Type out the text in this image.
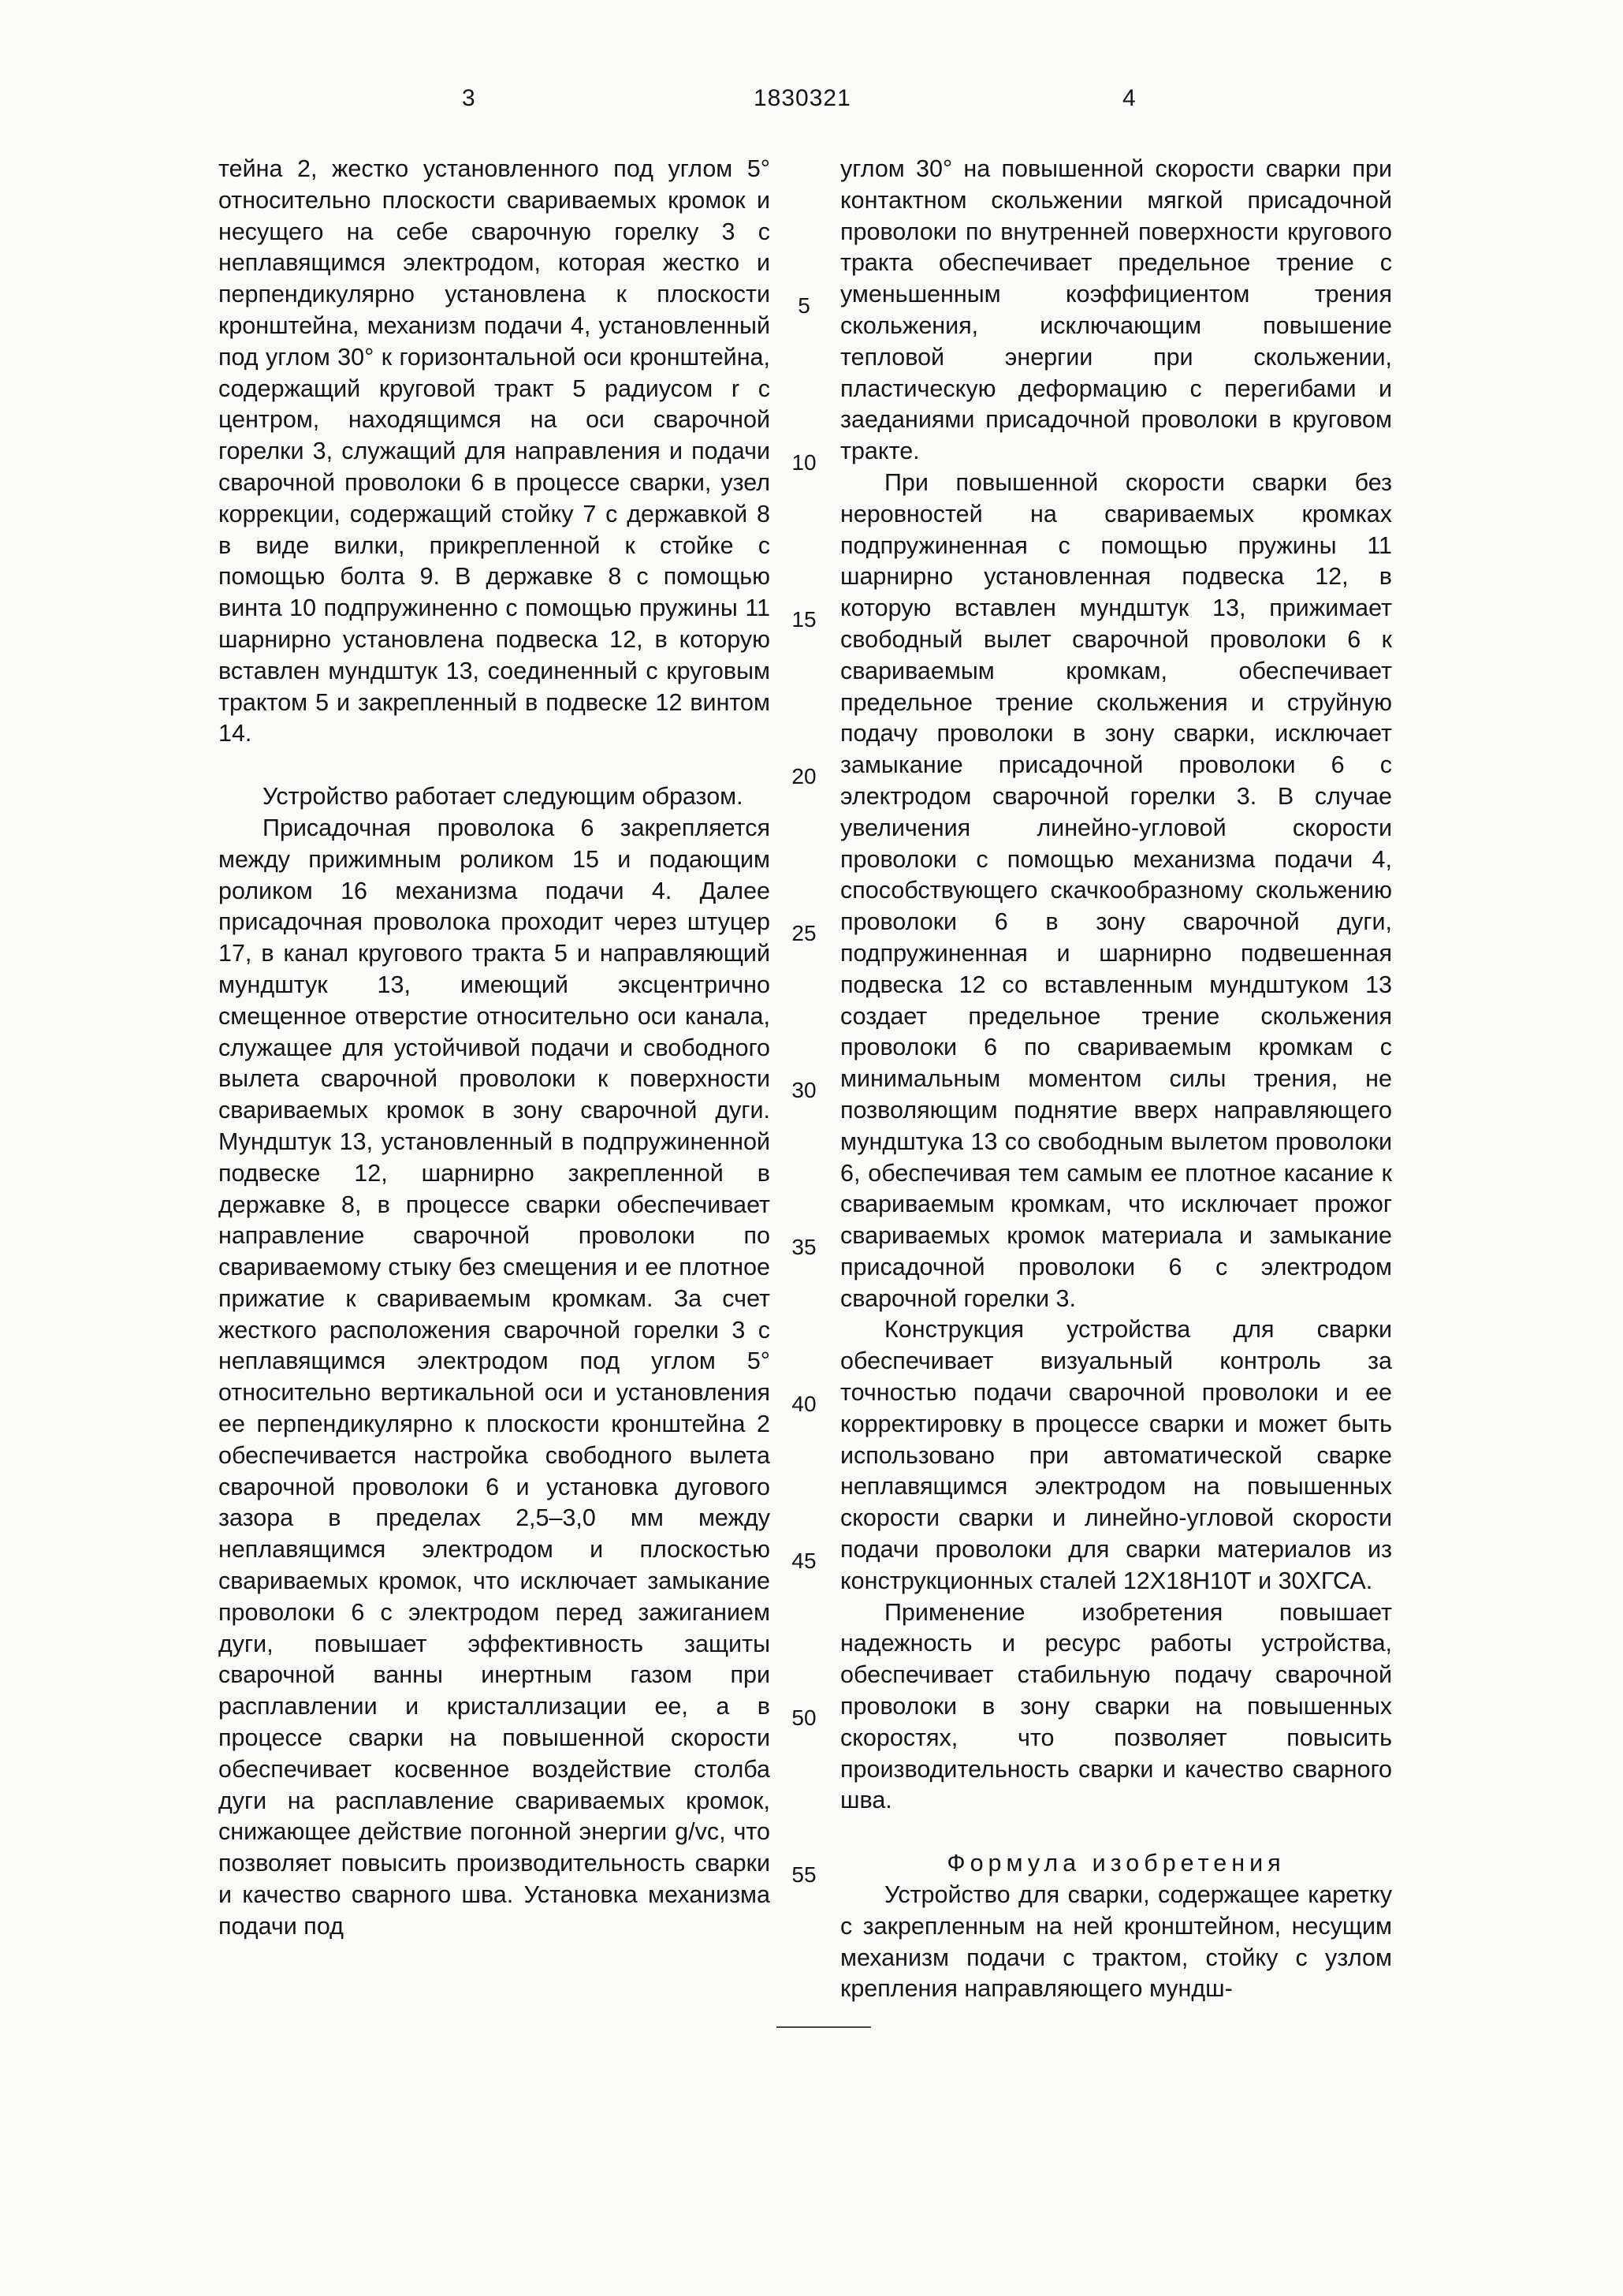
3	1830321	4

тейна 2, жестко установленного под углом 5° относительно плоскости свариваемых кромок и несущего на себе сварочную горелку 3 с неплавящимся электродом, которая жестко и перпендикулярно установлена к плоскости кронштейна, механизм подачи 4, установленный под углом 30° к горизонтальной оси кронштейна, содержащий круговой тракт 5 радиусом r с центром, находящимся на оси сварочной горелки 3, служащий для направления и подачи сварочной проволоки 6 в процессе сварки, узел коррекции, содержащий стойку 7 с державкой 8 в виде вилки, прикрепленной к стойке с помощью болта 9. В державке 8 с помощью винта 10 подпружиненно с помощью пружины 11 шарнирно установлена подвеска 12, в которую вставлен мундштук 13, соединенный с круговым трактом 5 и закрепленный в подвеске 12 винтом 14.

Устройство работает следующим образом.

Присадочная проволока 6 закрепляется между прижимным роликом 15 и подающим роликом 16 механизма подачи 4. Далее присадочная проволока проходит через штуцер 17, в канал кругового тракта 5 и направляющий мундштук 13, имеющий эксцентрично смещенное отверстие относительно оси канала, служащее для устойчивой подачи и свободного вылета сварочной проволоки к поверхности свариваемых кромок в зону сварочной дуги. Мундштук 13, установленный в подпружиненной подвеске 12, шарнирно закрепленной в державке 8, в процессе сварки обеспечивает направление сварочной проволоки по свариваемому стыку без смещения и ее плотное прижатие к свариваемым кромкам. За счет жесткого расположения сварочной горелки 3 с неплавящимся электродом под углом 5° относительно вертикальной оси и установления ее перпендикулярно к плоскости кронштейна 2 обеспечивается настройка свободного вылета сварочной проволоки 6 и установка дугового зазора в пределах 2,5–3,0 мм между неплавящимся электродом и плоскостью свариваемых кромок, что исключает замыкание проволоки 6 с электродом перед зажиганием дуги, повышает эффективность защиты сварочной ванны инертным газом при расплавлении и кристаллизации ее, а в процессе сварки на повышенной скорости обеспечивает косвенное воздействие столба дуги на расплавление свариваемых кромок, снижающее действие погонной энергии g/vc, что позволяет повысить производительность сварки и качество сварного шва. Установка механизма подачи под

5
10
15
20
25
30
35
40
45
50
55

углом 30° на повышенной скорости сварки при контактном скольжении мягкой присадочной проволоки по внутренней поверхности кругового тракта обеспечивает предельное трение с уменьшенным коэффициентом трения скольжения, исключающим повышение тепловой энергии при скольжении, пластическую деформацию с перегибами и заеданиями присадочной проволоки в круговом тракте.

При повышенной скорости сварки без неровностей на свариваемых кромках подпружиненная с помощью пружины 11 шарнирно установленная подвеска 12, в которую вставлен мундштук 13, прижимает свободный вылет сварочной проволоки 6 к свариваемым кромкам, обеспечивает предельное трение скольжения и струйную подачу проволоки в зону сварки, исключает замыкание присадочной проволоки 6 с электродом сварочной горелки 3. В случае увеличения линейно-угловой скорости проволоки с помощью механизма подачи 4, способствующего скачкообразному скольжению проволоки 6 в зону сварочной дуги, подпружиненная и шарнирно подвешенная подвеска 12 со вставленным мундштуком 13 создает предельное трение скольжения проволоки 6 по свариваемым кромкам с минимальным моментом силы трения, не позволяющим поднятие вверх направляющего мундштука 13 со свободным вылетом проволоки 6, обеспечивая тем самым ее плотное касание к свариваемым кромкам, что исключает прожог свариваемых кромок материала и замыкание присадочной проволоки 6 с электродом сварочной горелки 3.

Конструкция устройства для сварки обеспечивает визуальный контроль за точностью подачи сварочной проволоки и ее корректировку в процессе сварки и может быть использовано при автоматической сварке неплавящимся электродом на повышенных скорости сварки и линейно-угловой скорости подачи проволоки для сварки материалов из конструкционных сталей 12Х18Н10Т и 30ХГСА.

Применение изобретения повышает надежность и ресурс работы устройства, обеспечивает стабильную подачу сварочной проволоки в зону сварки на повышенных скоростях, что позволяет повысить производительность сварки и качество сварного шва.

Формула изобретения

Устройство для сварки, содержащее каретку с закрепленным на ней кронштейном, несущим механизм подачи с трактом, стойку с узлом крепления направляющего мундш-
